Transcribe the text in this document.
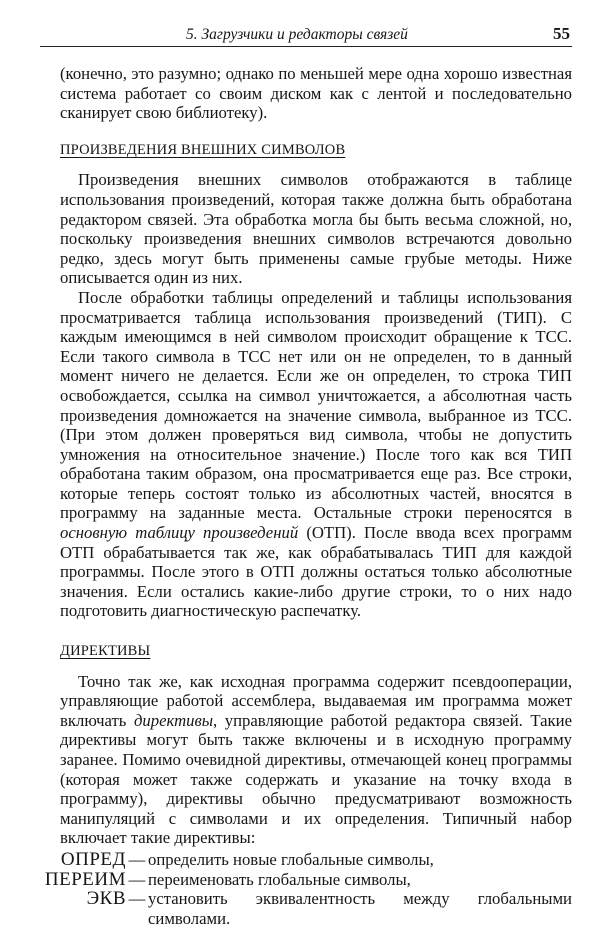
5. Загрузчики и редакторы связей	55

(конечно, это разумно; однако по меньшей мере одна хорошо известная система работает со своим диском как с лентой и последовательно сканирует свою библиотеку).

ПРОИЗВЕДЕНИЯ ВНЕШНИХ СИМВОЛОВ

Произведения внешних символов отображаются в таблице использования произведений, которая также должна быть обработана редактором связей. Эта обработка могла бы быть весьма сложной, но, поскольку произведения внешних символов встречаются довольно редко, здесь могут быть применены самые грубые методы. Ниже описывается один из них.

После обработки таблицы определений и таблицы использования просматривается таблица использования произведений (ТИП). С каждым имеющимся в ней символом происходит обращение к ТСС. Если такого символа в ТСС нет или он не определен, то в данный момент ничего не делается. Если же он определен, то строка ТИП освобождается, ссылка на символ уничтожается, а абсолютная часть произведения домножается на значение символа, выбранное из ТСС. (При этом должен проверяться вид символа, чтобы не допустить умножения на относительное значение.) После того как вся ТИП обработана таким образом, она просматривается еще раз. Все строки, которые теперь состоят только из абсолютных частей, вносятся в программу на заданные места. Остальные строки переносятся в основную таблицу произведений (ОТП). После ввода всех программ ОТП обрабатывается так же, как обрабатывалась ТИП для каждой программы. После этого в ОТП должны остаться только абсолютные значения. Если остались какие-либо другие строки, то о них надо подготовить диагностическую распечатку.

ДИРЕКТИВЫ

Точно так же, как исходная программа содержит псевдооперации, управляющие работой ассемблера, выдаваемая им программа может включать директивы, управляющие работой редактора связей. Такие директивы могут быть также включены и в исходную программу заранее. Помимо очевидной директивы, отмечающей конец программы (которая может также содержать и указание на точку входа в программу), директивы обычно предусматривают возможность манипуляций с символами и их определения. Типичный набор включает такие директивы:

ОПРЕД — определить новые глобальные символы,
ПЕРЕИМ — переименовать глобальные символы,
ЭКВ — установить эквивалентность между глобальными символами.
